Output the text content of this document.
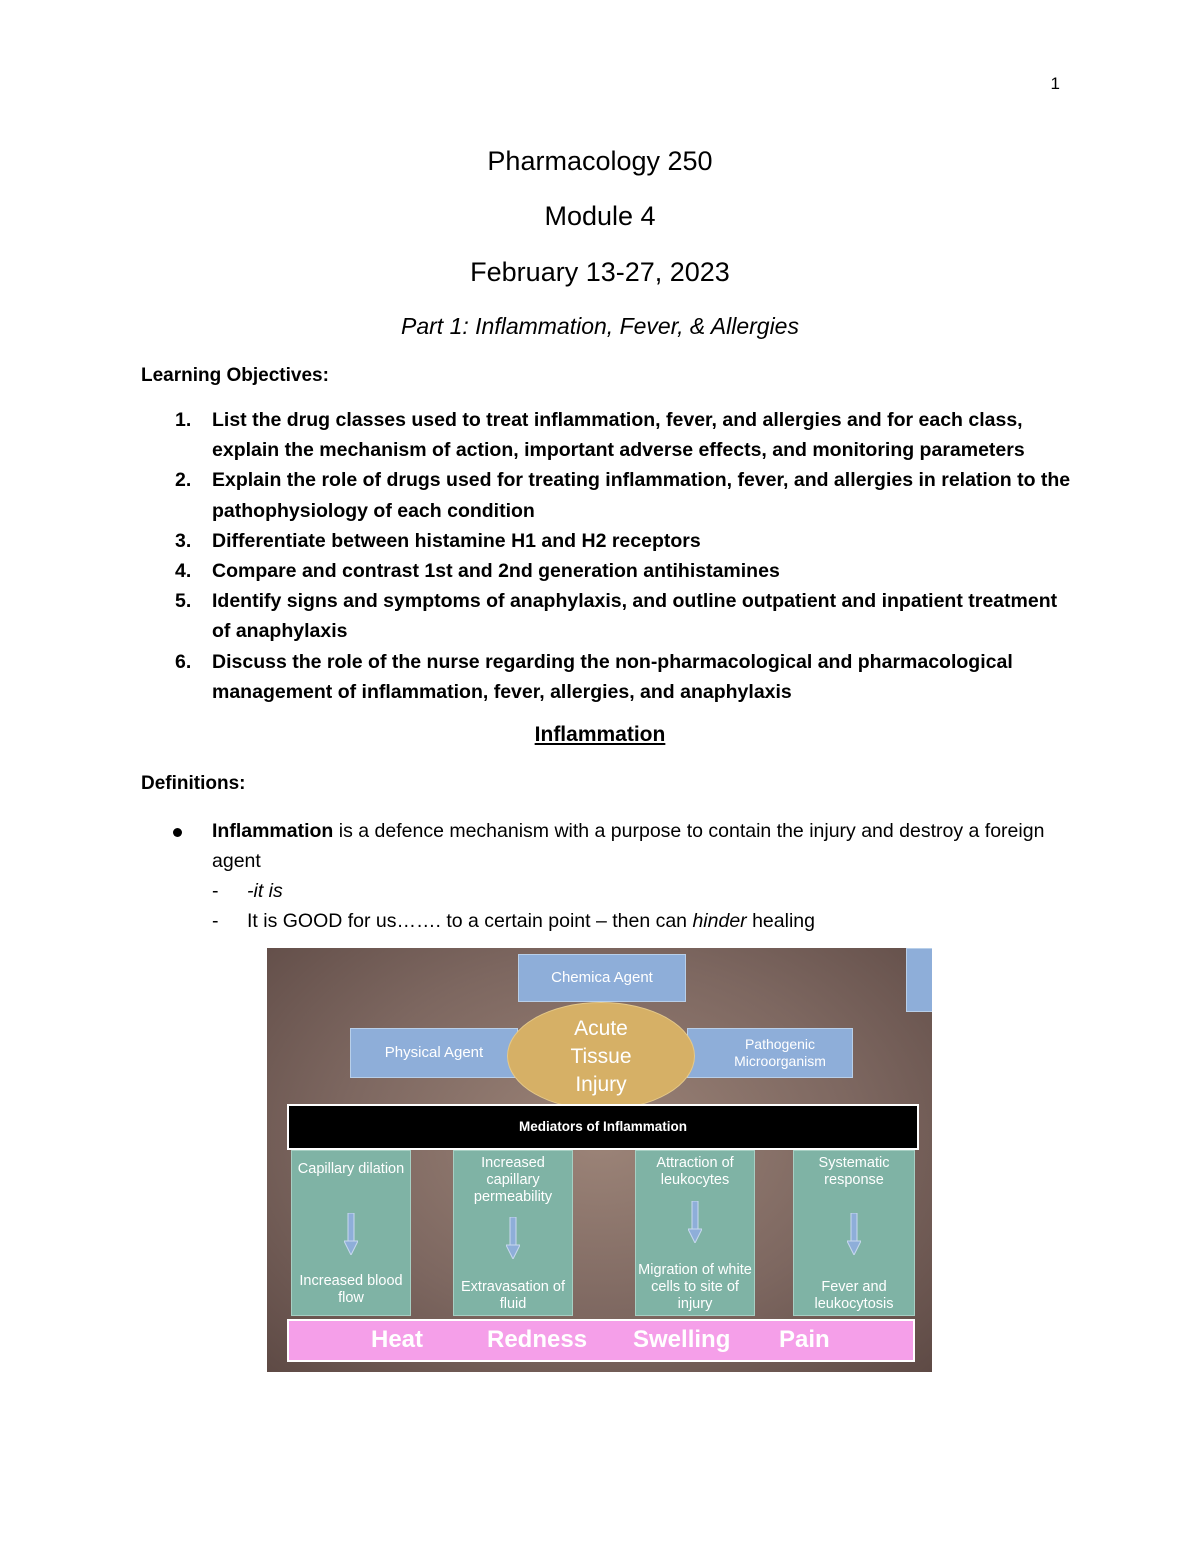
1
Pharmacology 250
Module 4
February 13-27, 2023
Part 1: Inflammation, Fever, & Allergies
Learning Objectives:
1. List the drug classes used to treat inflammation, fever, and allergies and for each class, explain the mechanism of action, important adverse effects, and monitoring parameters
2. Explain the role of drugs used for treating inflammation, fever, and allergies in relation to the pathophysiology of each condition
3. Differentiate between histamine H1 and H2 receptors
4. Compare and contrast 1st and 2nd generation antihistamines
5. Identify signs and symptoms of anaphylaxis, and outline outpatient and inpatient treatment of anaphylaxis
6. Discuss the role of the nurse regarding the non-pharmacological and pharmacological management of inflammation, fever, allergies, and anaphylaxis
Inflammation
Definitions:
Inflammation is a defence mechanism with a purpose to contain the injury and destroy a foreign agent
- -it is
- It is GOOD for us……. to a certain point – then can hinder healing
Chemica Agent
Physical Agent	Pathogenic Microorganism
Acute
Tissue
Injury
Mediators of Inflammation
Capillary dilation
Increased blood flow
Increased capillary permeability
Extravasation of fluid
Attraction of leukocytes
Migration of white cells to site of injury
Systematic response
Fever and leukocytosis
Heat	Redness Swelling Pain
